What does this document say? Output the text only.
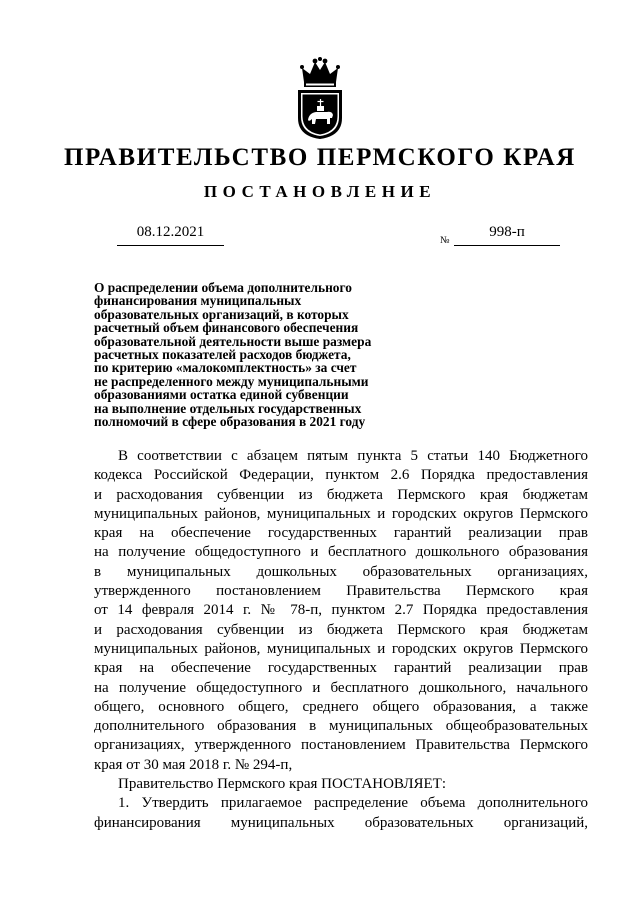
ПРАВИТЕЛЬСТВО ПЕРМСКОГО КРАЯ
ПОСТАНОВЛЕНИЕ
08.12.2021
№
998-п
О распределении объема дополнительного
финансирования муниципальных
образовательных организаций, в которых
расчетный объем финансового обеспечения
образовательной деятельности выше размера
расчетных показателей расходов бюджета,
по критерию «малокомплектность» за счет
не распределенного между муниципальными
образованиями остатка единой субвенции
на выполнение отдельных государственных
полномочий в сфере образования в 2021 году
В соответствии с абзацем пятым пункта 5 статьи 140 Бюджетного
кодекса Российской Федерации, пунктом 2.6 Порядка предоставления
и расходования субвенции из бюджета Пермского края бюджетам
муниципальных районов, муниципальных и городских округов Пермского
края на обеспечение государственных гарантий реализации прав
на получение общедоступного и бесплатного дошкольного образования
в муниципальных дошкольных образовательных организациях,
утвержденного постановлением Правительства Пермского края
от 14 февраля 2014 г. № 78-п, пунктом 2.7 Порядка предоставления
и расходования субвенции из бюджета Пермского края бюджетам
муниципальных районов, муниципальных и городских округов Пермского
края на обеспечение государственных гарантий реализации прав
на получение общедоступного и бесплатного дошкольного, начального
общего, основного общего, среднего общего образования, а также
дополнительного образования в муниципальных общеобразовательных
организациях, утвержденного постановлением Правительства Пермского
края от 30 мая 2018 г. № 294-п,
Правительство Пермского края ПОСТАНОВЛЯЕТ:
1. Утвердить прилагаемое распределение объема дополнительного
финансирования муниципальных образовательных организаций,
